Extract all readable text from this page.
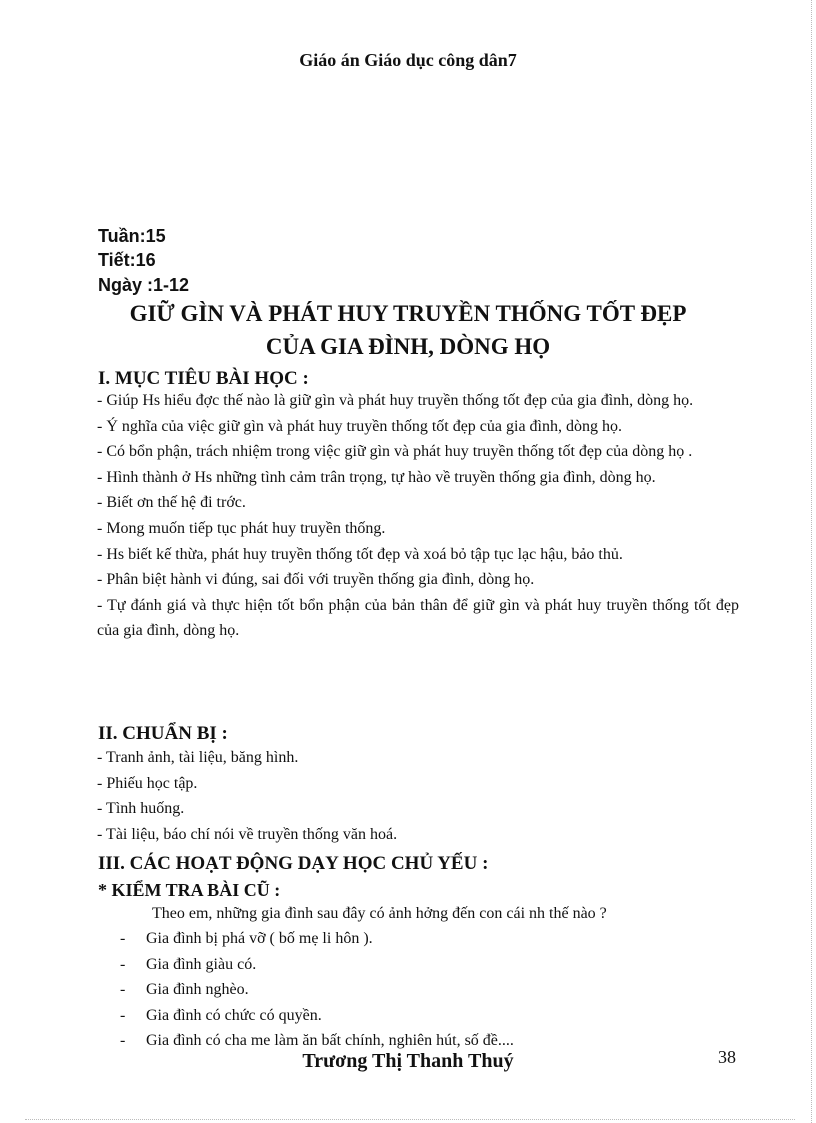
Giáo án Giáo dục công dân7
Tuần:15
Tiết:16
Ngày :1-12
GIỮ GÌN VÀ PHÁT HUY TRUYỀN THỐNG TỐT ĐẸP
CỦA GIA ĐÌNH, DÒNG HỌ
I. MỤC TIÊU BÀI HỌC :

- Giúp Hs hiểu đợc thế nào là giữ gìn và phát huy truyền thống tốt đẹp của gia đình, dòng họ.

- Ý nghĩa của việc giữ gìn và phát huy truyền thống tốt đẹp của gia đình, dòng họ.

- Có bổn phận, trách nhiệm trong việc giữ gìn và phát huy truyền thống tốt đẹp của dòng họ .

- Hình thành ở Hs những tình cảm trân trọng, tự hào về truyền thống gia đình, dòng họ.

- Biết ơn thế hệ đi trớc.

- Mong muốn tiếp tục phát huy truyền thống.

- Hs biết kế thừa, phát huy truyền thống tốt đẹp và xoá bỏ tập tục lạc hậu, bảo thủ.

- Phân biệt hành vi đúng, sai đối với truyền thống gia đình, dòng họ.

- Tự đánh giá và thực hiện tốt bổn phận của bản thân để giữ gìn và phát huy truyền thống tốt đẹp của gia đình, dòng họ.

II. CHUẨN BỊ :

- Tranh ảnh, tài liệu, băng hình.

- Phiếu học tập.

- Tình huống.

- Tài liệu, báo chí nói về truyền thống văn hoá.

III. CÁC HOẠT ĐỘNG DẠY HỌC CHỦ YẾU :
* KIỂM TRA BÀI CŨ :
Theo em, những gia đình sau đây có ảnh hởng đến con cái nh thế nào ?
-	Gia đình bị phá vỡ ( bố mẹ li hôn ).
-	Gia đình giàu có.
-	Gia đình nghèo.
-	Gia đình có chức có quyền.
-	Gia đình có cha me làm ăn bất chính, nghiên hút, số đề....
Trương Thị Thanh Thuý	38
